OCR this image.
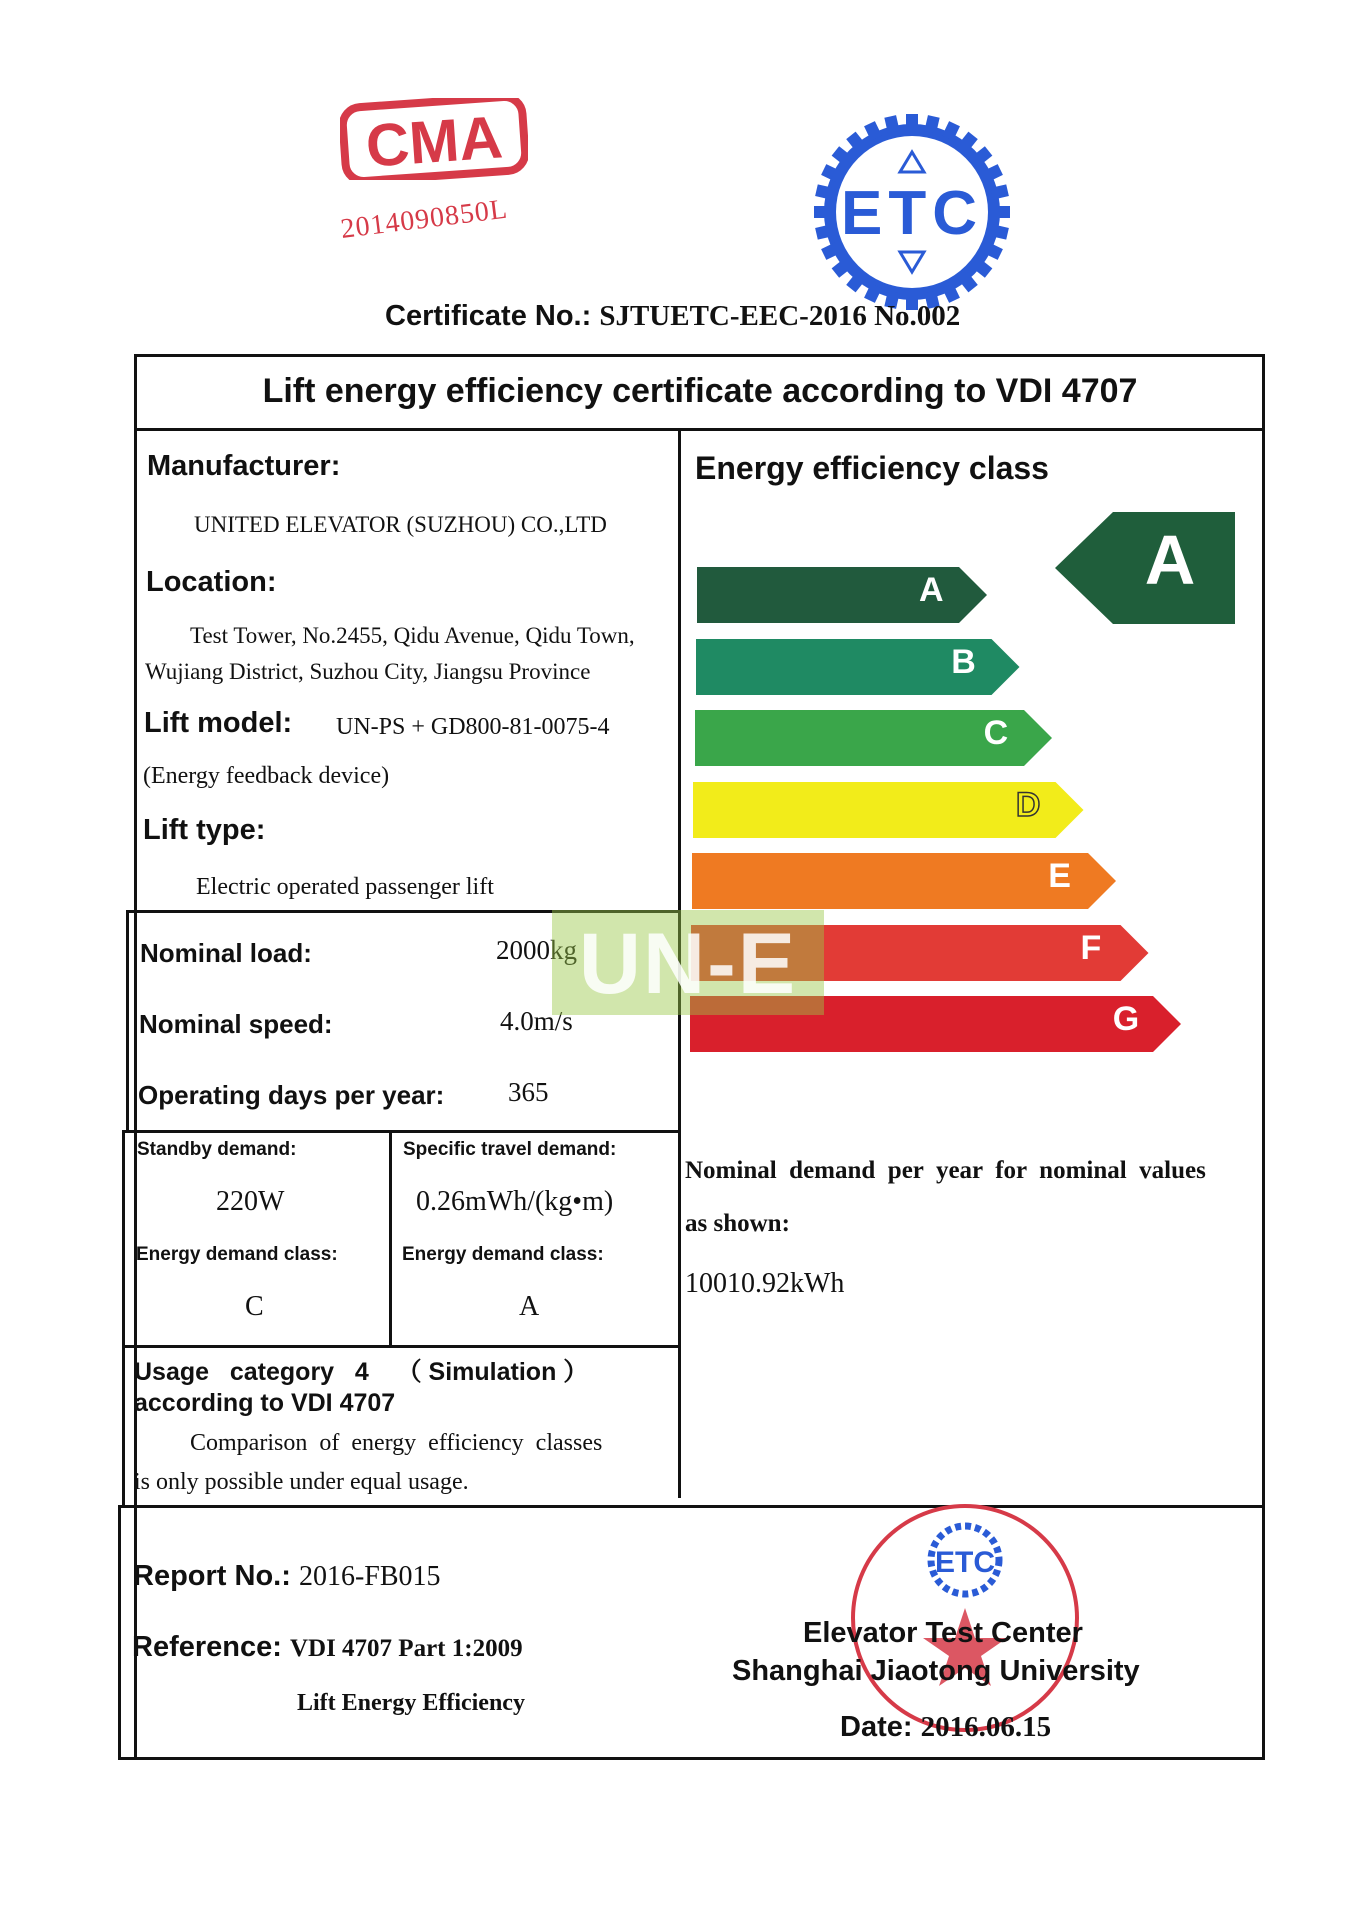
CMA
2014090850L	ETC
Certificate No.: SJTUETC-EEC-2016 No.002
Lift energy efficiency certificate according to VDI 4707
Manufacturer:
UNITED ELEVATOR (SUZHOU) CO.,LTD
Location:
Test Tower, No.2455, Qidu Avenue, Qidu Town,
Wujiang District, Suzhou City, Jiangsu Province
Lift model: UN-PS + GD800-81-0075-4
(Energy feedback device)
Lift type:
Electric operated passenger lift
Nominal load:	2000kg
Nominal speed:	4.0m/s
Operating days per year: 365
Standby demand:
220W
Energy demand class:
C
Specific travel demand:
0.26mWh/(kg•m)
Energy demand class:
A
Usage   category   4    （ Simulation ）
according to VDI 4707
Comparison  of  energy  efficiency  classes
is only possible under equal usage.
Energy efficiency class
A
A
B
C
D
E
F
G
Nominal  demand  per  year  for  nominal  values
as shown:
10010.92kWh
UN-E
Report No.: 2016-FB015
Reference: VDI 4707 Part 1:2009
Lift Energy Efficiency
ETC
Elevator Test Center
Shanghai Jiaotong University
Date: 2016.06.15
